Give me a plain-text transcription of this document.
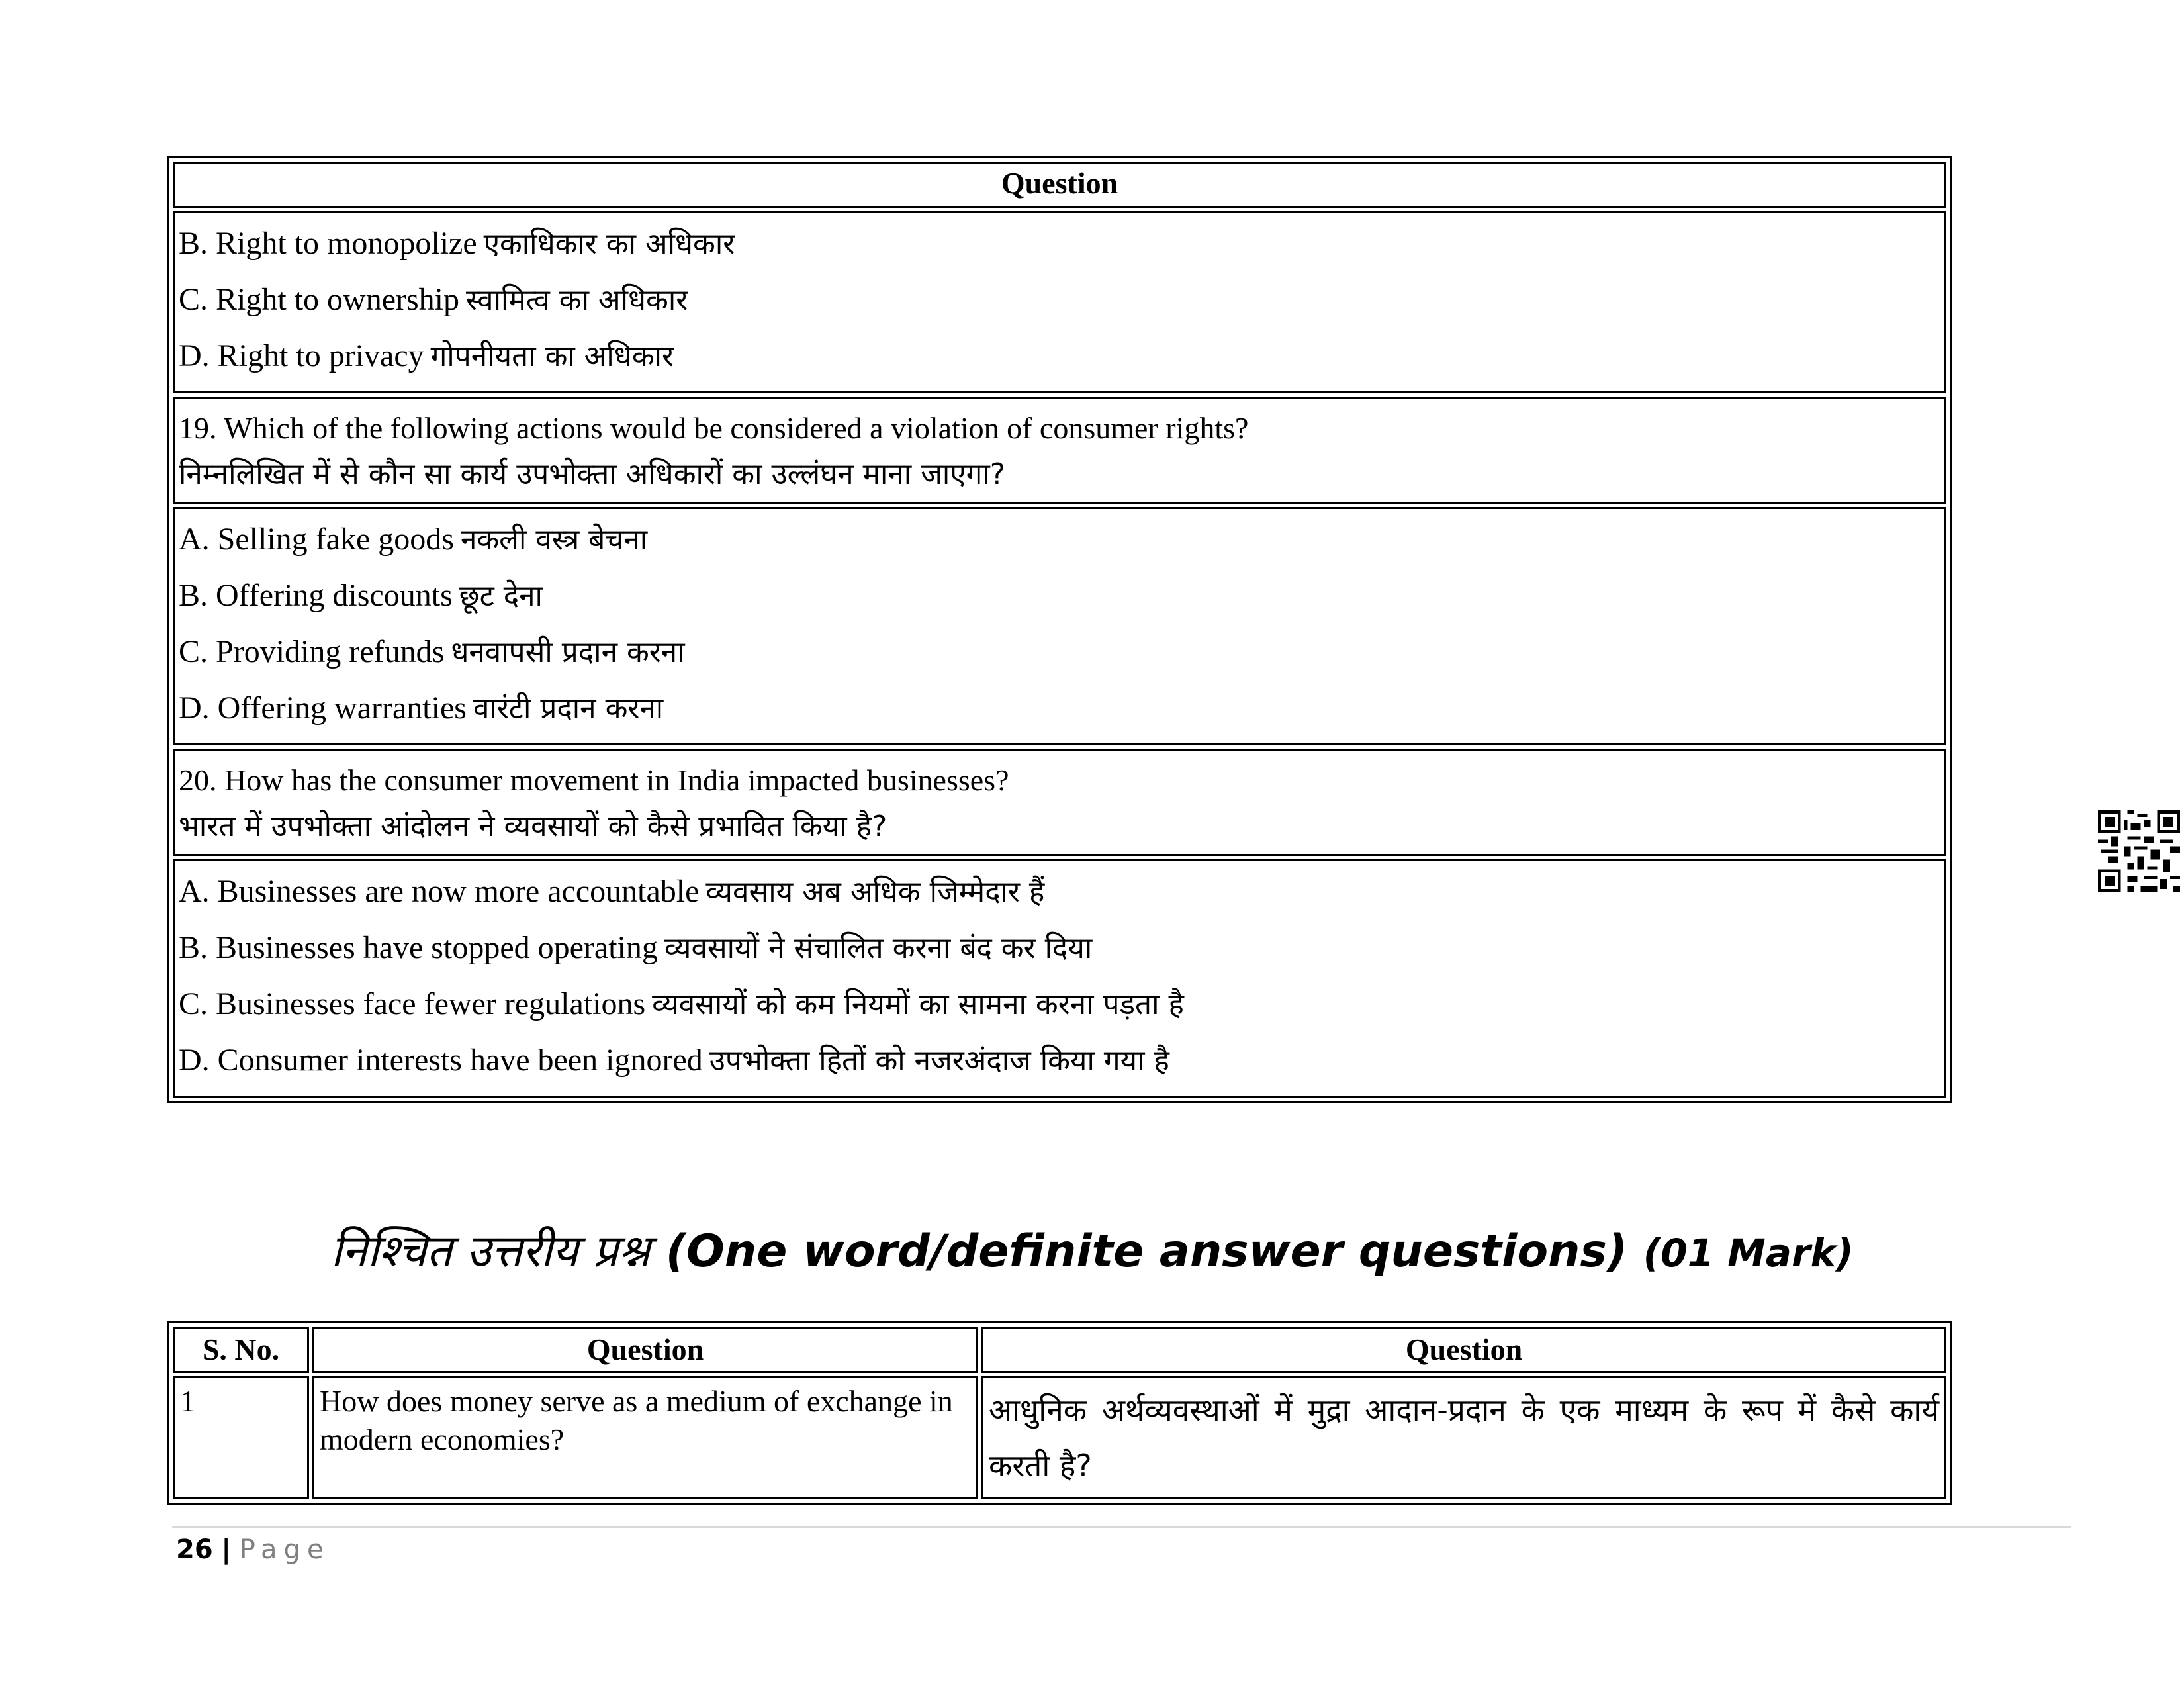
Question

B. Right to monopolize एकाधिकार का अधिकार
C. Right to ownership स्वामित्व का अधिकार
D. Right to privacy गोपनीयता का अधिकार

19. Which of the following actions would be considered a violation of consumer rights?
निम्नलिखित में से कौन सा कार्य उपभोक्ता अधिकारों का उल्लंघन माना जाएगा?

A. Selling fake goods नकली वस्त्र बेचना
B. Offering discounts छूट देना
C. Providing refunds धनवापसी प्रदान करना
D. Offering warranties वारंटी प्रदान करना

20. How has the consumer movement in India impacted businesses?
भारत में उपभोक्ता आंदोलन ने व्यवसायों को कैसे प्रभावित किया है?

A. Businesses are now more accountable व्यवसाय अब अधिक जिम्मेदार हैं
B. Businesses have stopped operating व्यवसायों ने संचालित करना बंद कर दिया
C. Businesses face fewer regulations व्यवसायों को कम नियमों का सामना करना पड़ता है
D. Consumer interests have been ignored उपभोक्ता हितों को नजरअंदाज किया गया है
निश्चित उत्तरीय प्रश्न (One word/definite answer questions) (01 Mark)
S. No.	Question	Question
1	How does money serve as a medium of exchange in modern economies?	आधुनिक अर्थव्यवस्थाओं में मुद्रा आदान-प्रदान के एक माध्यम के रूप में कैसे कार्य करती है?
26 | Page
